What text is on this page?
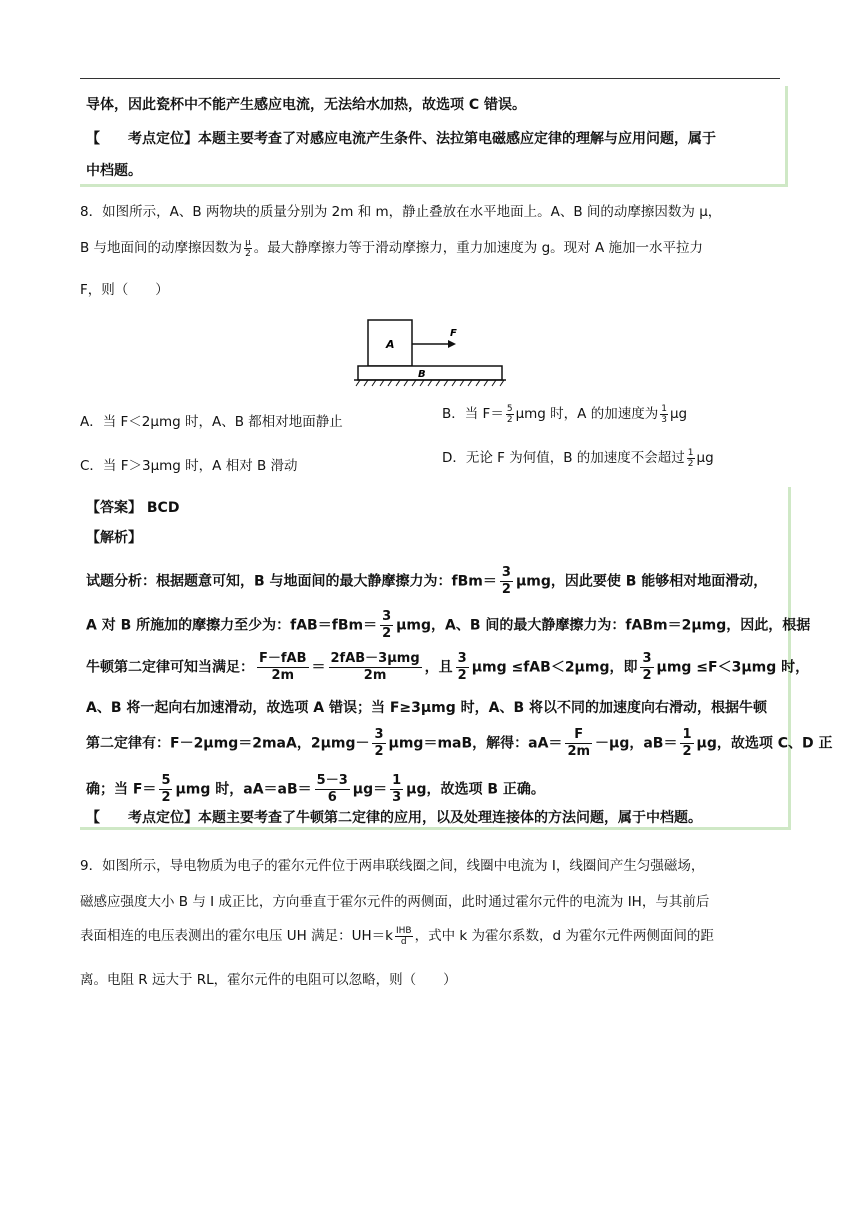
导体，因此瓷杯中不能产生感应电流，无法给水加热，故选项 C 错误。
【　　考点定位】本题主要考查了对感应电流产生条件、法拉第电磁感应定律的理解与应用问题，属于
中档题。
8．如图所示，A、B 两物块的质量分别为 2m 和 m，静止叠放在水平地面上。A、B 间的动摩擦因数为 μ，
B 与地面间的动摩擦因数为 $\frac{\mu}{2}$ 。最大静摩擦力等于滑动摩擦力，重力加速度为 g。现对 A 施加一水平拉力
F，则（　　）
A
F
B
A．当 F＜2μmg 时，A、B 都相对地面静止	B．当 $F= \frac{5}{2}$ μmg 时，A 的加速度为 $\frac{1}{3}$ μg
C．当 F＞3μmg 时，A 相对 B 滑动	D．无论 F 为何值，B 的加速度不会超过 $\frac{1}{2}$ μg
【答案】 BCD
【解析】
试题分析：根据题意可知，B 与地面间的最大静摩擦力为：$fBm= \frac{3}{2}$ μmg，因此要使 B 能够相对地面滑动，
A 对 B 所施加的摩擦力至少为：$fAB=fBm= \frac{3}{2}$ μmg，A、B 间的最大静摩擦力为：fABm＝2μmg，因此，根据
牛顿第二定律可知当满足：
F－fAB
2m	＝
2fAB－3μmg
2m	，且 $\frac{3}{2}$ μmg ≤fAB＜2μmg，即 $\frac{3}{2}$ μmg ≤F＜3μmg 时，
A、B 将一起向右加速滑动，故选项 A 错误；当 F≥3μmg 时，A、B 将以不同的加速度向右滑动，根据牛顿
第二定律有：F－2μmg＝2maA，$2\mu mg- \frac{3}{2} \mu mg=maB$，解得：$aA= \frac{F}{2m} -\mu g$，$aB= \frac{1}{2}$ μg，故选项 C、D 正
确；当 $F= \frac{5}{2}$ μmg 时，$aA=aB= \frac{5-3}{6} \mu g= \frac{1}{3}$ μg，故选项 B 正确。
【　　考点定位】本题主要考查了牛顿第二定律的应用，以及处理连接体的方法问题，属于中档题。
9．如图所示，导电物质为电子的霍尔元件位于两串联线圈之间，线圈中电流为 I，线圈间产生匀强磁场，
磁感应强度大小 B 与 I 成正比，方向垂直于霍尔元件的两侧面，此时通过霍尔元件的电流为 IH，与其前后
表面相连的电压表测出的霍尔电压 UH 满足：$UH=k \frac{\text{IHB}}{d}$ ，式中 k 为霍尔系数，d 为霍尔元件两侧面间的距
离。电阻 R 远大于 RL，霍尔元件的电阻可以忽略，则（　　）
